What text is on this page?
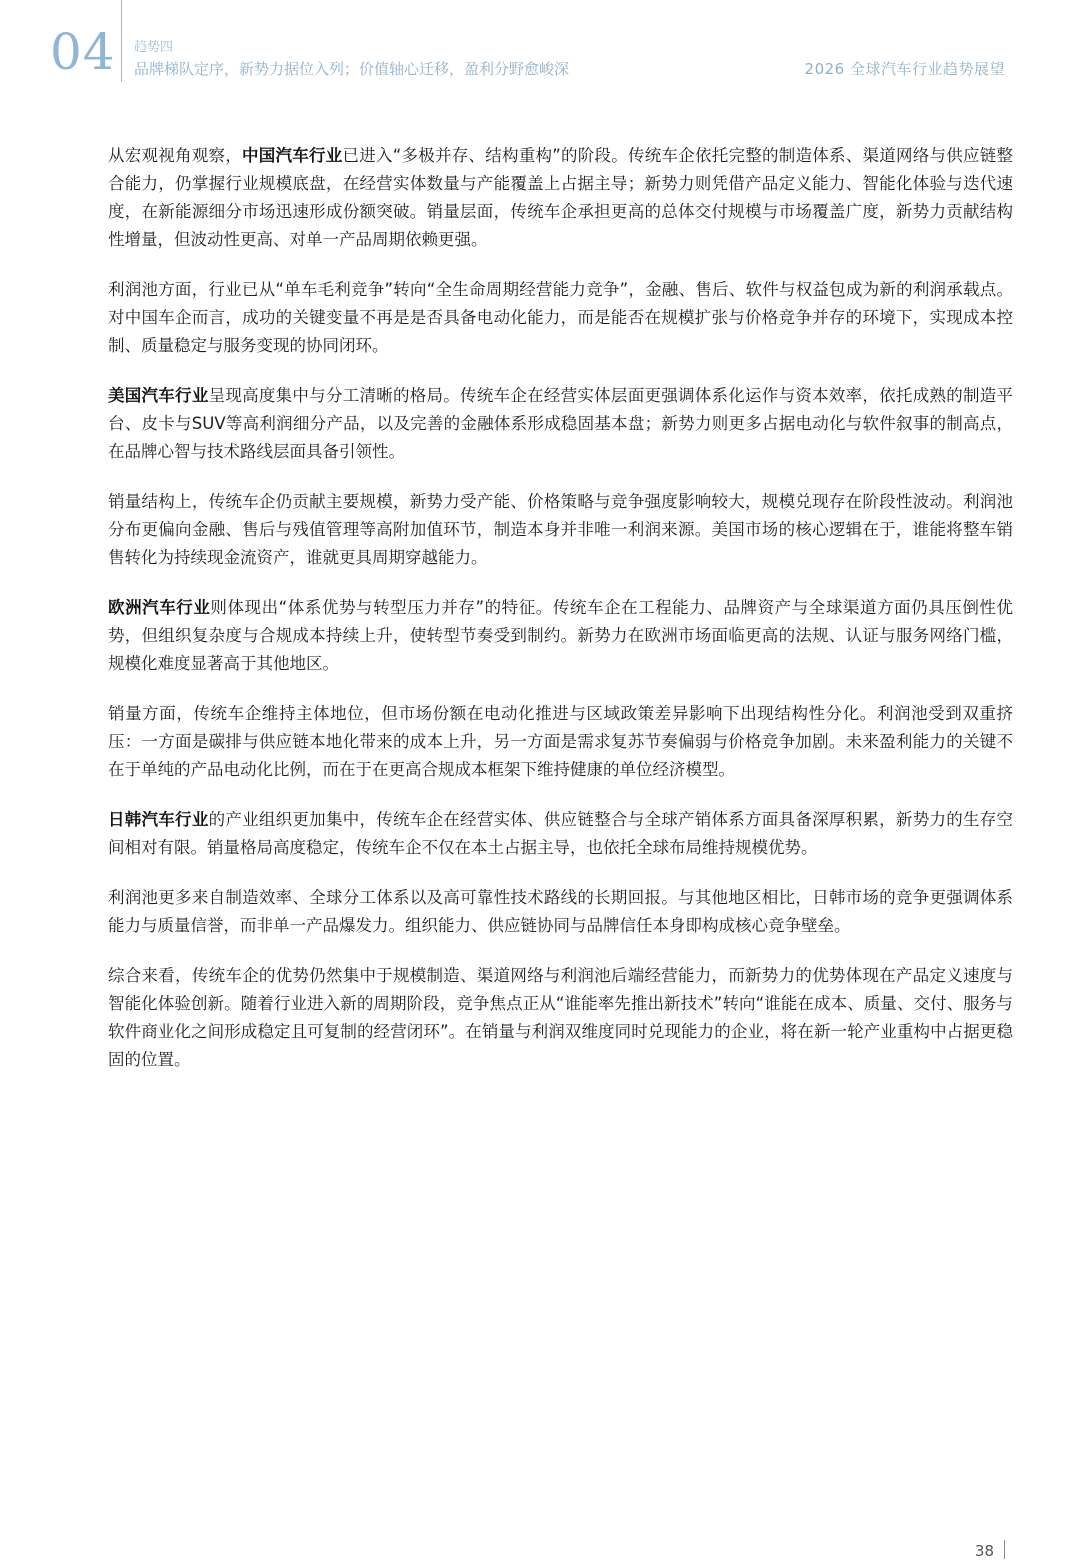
04 趋势四
品牌梯队定序，新势力据位入列；价值轴心迁移，盈利分野愈峻深	2026 全球汽车行业趋势展望

从宏观视角观察，中国汽车行业已进入“多极并存、结构重构”的阶段。传统车企依托完整的制造体系、渠道网络与供应链整合能力，仍掌握行业规模底盘，在经营实体数量与产能覆盖上占据主导；新势力则凭借产品定义能力、智能化体验与迭代速度，在新能源细分市场迅速形成份额突破。销量层面，传统车企承担更高的总体交付规模与市场覆盖广度，新势力贡献结构性增量，但波动性更高、对单一产品周期依赖更强。

利润池方面，行业已从“单车毛利竞争”转向“全生命周期经营能力竞争”，金融、售后、软件与权益包成为新的利润承载点。对中国车企而言，成功的关键变量不再是是否具备电动化能力，而是能否在规模扩张与价格竞争并存的环境下，实现成本控制、质量稳定与服务变现的协同闭环。

美国汽车行业呈现高度集中与分工清晰的格局。传统车企在经营实体层面更强调体系化运作与资本效率，依托成熟的制造平台、皮卡与SUV等高利润细分产品，以及完善的金融体系形成稳固基本盘；新势力则更多占据电动化与软件叙事的制高点，在品牌心智与技术路线层面具备引领性。

销量结构上，传统车企仍贡献主要规模，新势力受产能、价格策略与竞争强度影响较大，规模兑现存在阶段性波动。利润池分布更偏向金融、售后与残值管理等高附加值环节，制造本身并非唯一利润来源。美国市场的核心逻辑在于，谁能将整车销售转化为持续现金流资产，谁就更具周期穿越能力。

欧洲汽车行业则体现出“体系优势与转型压力并存”的特征。传统车企在工程能力、品牌资产与全球渠道方面仍具压倒性优势，但组织复杂度与合规成本持续上升，使转型节奏受到制约。新势力在欧洲市场面临更高的法规、认证与服务网络门槛，规模化难度显著高于其他地区。

销量方面，传统车企维持主体地位，但市场份额在电动化推进与区域政策差异影响下出现结构性分化。利润池受到双重挤压：一方面是碳排与供应链本地化带来的成本上升，另一方面是需求复苏节奏偏弱与价格竞争加剧。未来盈利能力的关键不在于单纯的产品电动化比例，而在于在更高合规成本框架下维持健康的单位经济模型。

日韩汽车行业的产业组织更加集中，传统车企在经营实体、供应链整合与全球产销体系方面具备深厚积累，新势力的生存空间相对有限。销量格局高度稳定，传统车企不仅在本土占据主导，也依托全球布局维持规模优势。

利润池更多来自制造效率、全球分工体系以及高可靠性技术路线的长期回报。与其他地区相比，日韩市场的竞争更强调体系能力与质量信誉，而非单一产品爆发力。组织能力、供应链协同与品牌信任本身即构成核心竞争壁垒。

综合来看，传统车企的优势仍然集中于规模制造、渠道网络与利润池后端经营能力，而新势力的优势体现在产品定义速度与智能化体验创新。随着行业进入新的周期阶段，竞争焦点正从“谁能率先推出新技术”转向“谁能在成本、质量、交付、服务与软件商业化之间形成稳定且可复制的经营闭环”。在销量与利润双维度同时兑现能力的企业，将在新一轮产业重构中占据更稳固的位置。

38
